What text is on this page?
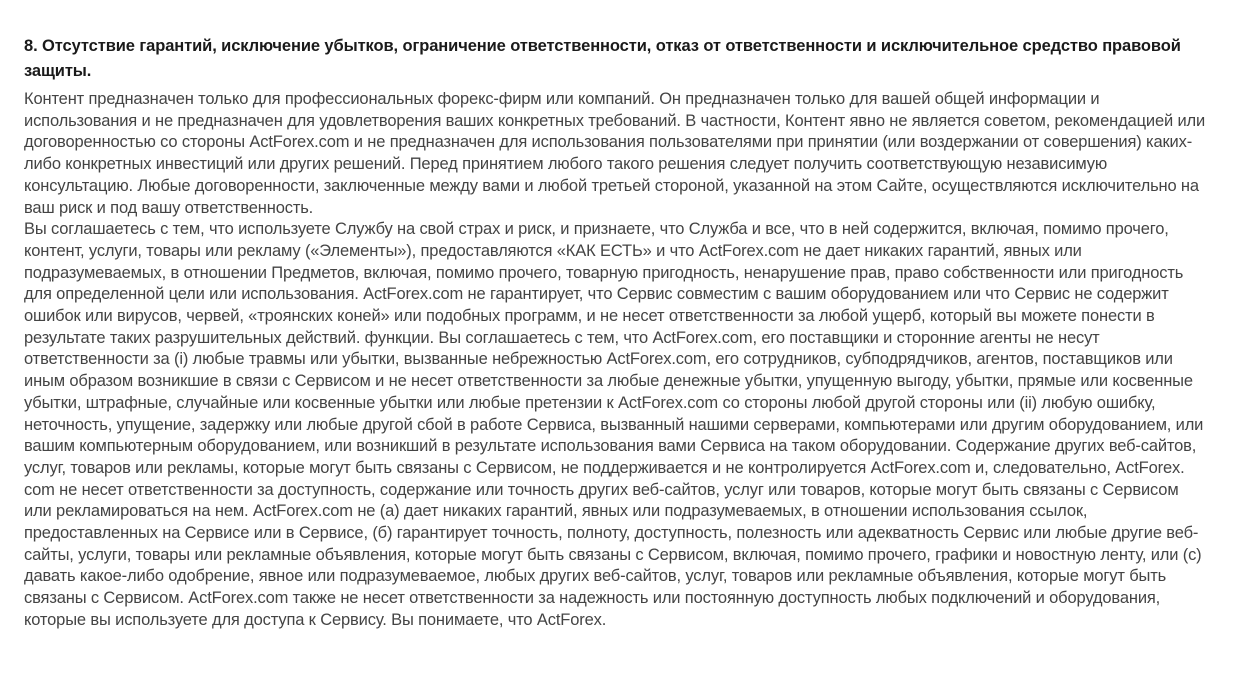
8. Отсутствие гарантий, исключение убытков, ограничение ответственности, отказ от ответственности и исключительное средство правовой защиты.

Контент предназначен только для профессиональных форекс-фирм или компаний. Он предназначен только для вашей общей информации и использования и не предназначен для удовлетворения ваших конкретных требований. В частности, Контент явно не является советом, рекомендацией или договоренностью со стороны ActForex.com и не предназначен для использования пользователями при принятии (или воздержании от совершения) каких-либо конкретных инвестиций или других решений. Перед принятием любого такого решения следует получить соответствующую независимую консультацию. Любые договоренности, заключенные между вами и любой третьей стороной, указанной на этом Сайте, осуществляются исключительно на ваш риск и под вашу ответственность.

Вы соглашаетесь с тем, что используете Службу на свой страх и риск, и признаете, что Служба и все, что в ней содержится, включая, помимо прочего, контент, услуги, товары или рекламу («Элементы»), предоставляются «КАК ЕСТЬ» и что ActForex.com не дает никаких гарантий, явных или подразумеваемых, в отношении Предметов, включая, помимо прочего, товарную пригодность, ненарушение прав, право собственности или пригодность для определенной цели или использования. ActForex.com не гарантирует, что Сервис совместим с вашим оборудованием или что Сервис не содержит ошибок или вирусов, червей, «троянских коней» или подобных программ, и не несет ответственности за любой ущерб, который вы можете понести в результате таких разрушительных действий. функции. Вы соглашаетесь с тем, что ActForex.com, его поставщики и сторонние агенты не несут ответственности за (i) любые травмы или убытки, вызванные небрежностью ActForex.com, его сотрудников, субподрядчиков, агентов, поставщиков или иным образом возникшие в связи с Сервисом и не несет ответственности за любые денежные убытки, упущенную выгоду, убытки, прямые или косвенные убытки, штрафные, случайные или косвенные убытки или любые претензии к ActForex.com со стороны любой другой стороны или (ii) любую ошибку, неточность, упущение, задержку или любые другой сбой в работе Сервиса, вызванный нашими серверами, компьютерами или другим оборудованием, или вашим компьютерным оборудованием, или возникший в результате использования вами Сервиса на таком оборудовании. Содержание других веб-сайтов, услуг, товаров или рекламы, которые могут быть связаны с Сервисом, не поддерживается и не контролируется ActForex.com и, следовательно, ActForex. com не несет ответственности за доступность, содержание или точность других веб-сайтов, услуг или товаров, которые могут быть связаны с Сервисом или рекламироваться на нем. ActForex.com не (а) дает никаких гарантий, явных или подразумеваемых, в отношении использования ссылок, предоставленных на Сервисе или в Сервисе, (б) гарантирует точность, полноту, доступность, полезность или адекватность Сервис или любые другие веб-сайты, услуги, товары или рекламные объявления, которые могут быть связаны с Сервисом, включая, помимо прочего, графики и новостную ленту, или (с) давать какое-либо одобрение, явное или подразумеваемое, любых других веб-сайтов, услуг, товаров или рекламные объявления, которые могут быть связаны с Сервисом. ActForex.com также не несет ответственности за надежность или постоянную доступность любых подключений и оборудования, которые вы используете для доступа к Сервису. Вы понимаете, что ActForex.
